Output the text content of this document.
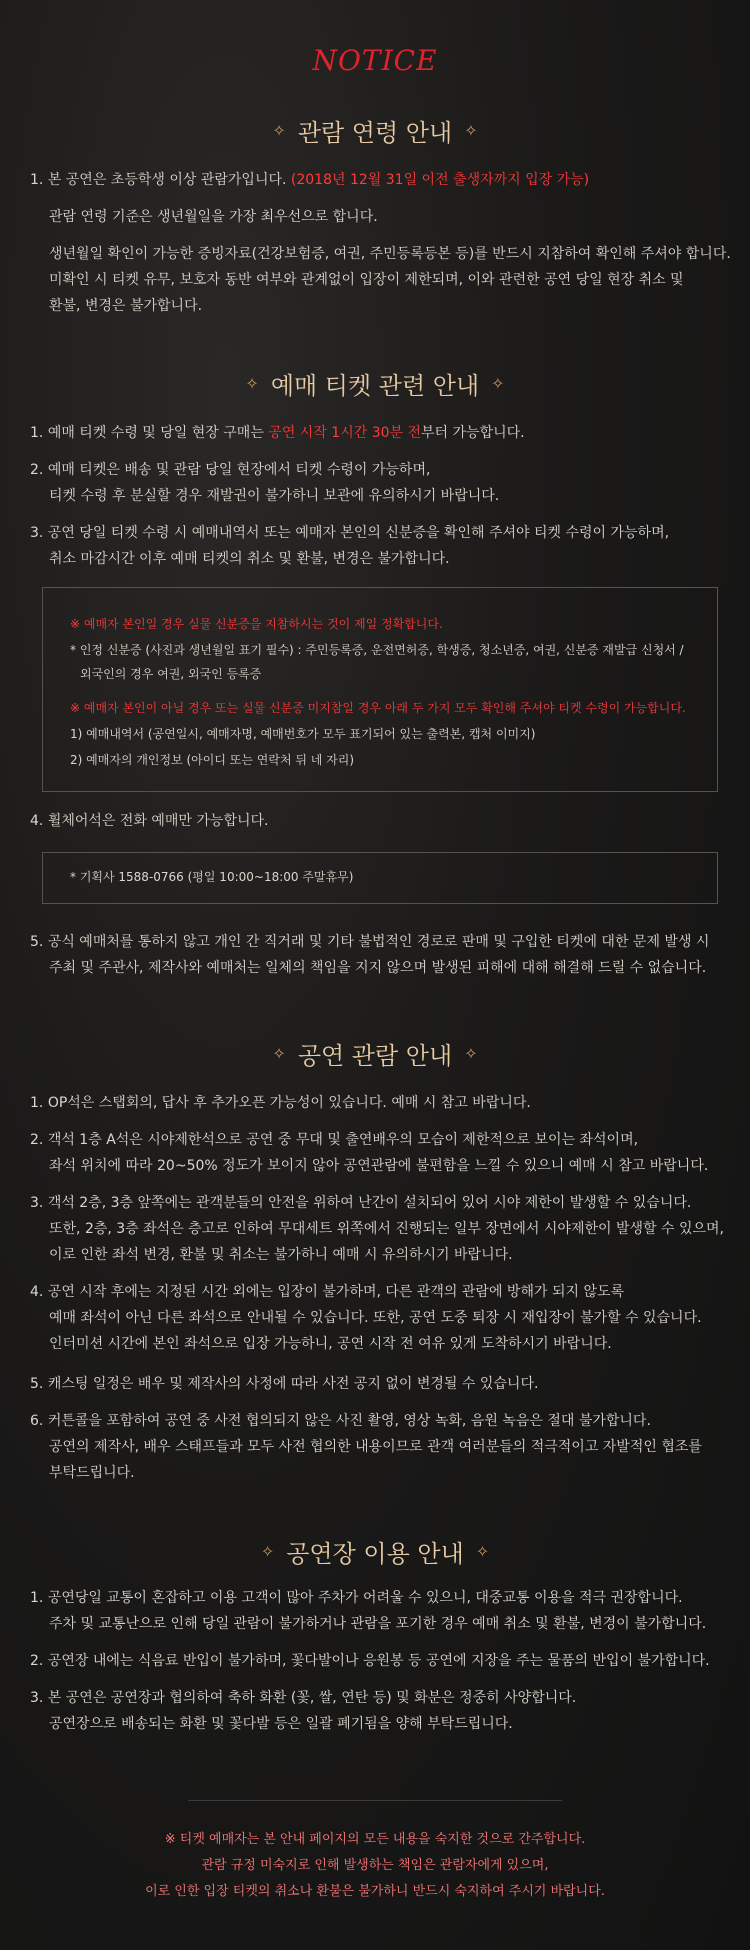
NOTICE
✧ 관람 연령 안내 ✧
1. 본 공연은 초등학생 이상 관람가입니다. (2018년 12월 31일 이전 출생자까지 입장 가능)
관람 연령 기준은 생년월일을 가장 최우선으로 합니다.
생년월일 확인이 가능한 증빙자료(건강보험증, 여권, 주민등록등본 등)를 반드시 지참하여 확인해 주셔야 합니다.
미확인 시 티켓 유무, 보호자 동반 여부와 관계없이 입장이 제한되며, 이와 관련한 공연 당일 현장 취소 및
환불, 변경은 불가합니다.
✧ 예매 티켓 관련 안내 ✧
1. 예매 티켓 수령 및 당일 현장 구매는 공연 시작 1시간 30분 전부터 가능합니다.
2. 예매 티켓은 배송 및 관람 당일 현장에서 티켓 수령이 가능하며,
티켓 수령 후 분실할 경우 재발권이 불가하니 보관에 유의하시기 바랍니다.
3. 공연 당일 티켓 수령 시 예매내역서 또는 예매자 본인의 신분증을 확인해 주셔야 티켓 수령이 가능하며,
취소 마감시간 이후 예매 티켓의 취소 및 환불, 변경은 불가합니다.
※ 예매자 본인일 경우 실물 신분증을 지참하시는 것이 제일 정확합니다.
* 인정 신분증 (사진과 생년월일 표기 필수) : 주민등록증, 운전면허증, 학생증, 청소년증, 여권, 신분증 재발급 신청서 /
외국인의 경우 여권, 외국인 등록증
※ 예매자 본인이 아닐 경우 또는 실물 신분증 미지참일 경우 아래 두 가지 모두 확인해 주셔야 티켓 수령이 가능합니다.
1) 예매내역서 (공연일시, 예매자명, 예매번호가 모두 표기되어 있는 출력본, 캡처 이미지)
2) 예매자의 개인정보 (아이디 또는 연락처 뒤 네 자리)
4. 휠체어석은 전화 예매만 가능합니다.
* 기획사 1588-0766 (평일 10:00~18:00 주말휴무)
5. 공식 예매처를 통하지 않고 개인 간 직거래 및 기타 불법적인 경로로 판매 및 구입한 티켓에 대한 문제 발생 시
주최 및 주관사, 제작사와 예매처는 일체의 책임을 지지 않으며 발생된 피해에 대해 해결해 드릴 수 없습니다.
✧ 공연 관람 안내 ✧
1. OP석은 스탭회의, 답사 후 추가오픈 가능성이 있습니다. 예매 시 참고 바랍니다.
2. 객석 1층 A석은 시야제한석으로 공연 중 무대 및 출연배우의 모습이 제한적으로 보이는 좌석이며,
좌석 위치에 따라 20~50% 정도가 보이지 않아 공연관람에 불편함을 느낄 수 있으니 예매 시 참고 바랍니다.
3. 객석 2층, 3층 앞쪽에는 관객분들의 안전을 위하여 난간이 설치되어 있어 시야 제한이 발생할 수 있습니다.
또한, 2층, 3층 좌석은 층고로 인하여 무대세트 위쪽에서 진행되는 일부 장면에서 시야제한이 발생할 수 있으며,
이로 인한 좌석 변경, 환불 및 취소는 불가하니 예매 시 유의하시기 바랍니다.
4. 공연 시작 후에는 지정된 시간 외에는 입장이 불가하며, 다른 관객의 관람에 방해가 되지 않도록
예매 좌석이 아닌 다른 좌석으로 안내될 수 있습니다. 또한, 공연 도중 퇴장 시 재입장이 불가할 수 있습니다.
인터미션 시간에 본인 좌석으로 입장 가능하니, 공연 시작 전 여유 있게 도착하시기 바랍니다.
5. 캐스팅 일정은 배우 및 제작사의 사정에 따라 사전 공지 없이 변경될 수 있습니다.
6. 커튼콜을 포함하여 공연 중 사전 협의되지 않은 사진 촬영, 영상 녹화, 음원 녹음은 절대 불가합니다.
공연의 제작사, 배우 스태프들과 모두 사전 협의한 내용이므로 관객 여러분들의 적극적이고 자발적인 협조를
부탁드립니다.
✧ 공연장 이용 안내 ✧
1. 공연당일 교통이 혼잡하고 이용 고객이 많아 주차가 어려울 수 있으니, 대중교통 이용을 적극 권장합니다.
주차 및 교통난으로 인해 당일 관람이 불가하거나 관람을 포기한 경우 예매 취소 및 환불, 변경이 불가합니다.
2. 공연장 내에는 식음료 반입이 불가하며, 꽃다발이나 응원봉 등 공연에 지장을 주는 물품의 반입이 불가합니다.
3. 본 공연은 공연장과 협의하여 축하 화환 (꽃, 쌀, 연탄 등) 및 화분은 정중히 사양합니다.
공연장으로 배송되는 화환 및 꽃다발 등은 일괄 폐기됨을 양해 부탁드립니다.
※ 티켓 예매자는 본 안내 페이지의 모든 내용을 숙지한 것으로 간주합니다.
관람 규정 미숙지로 인해 발생하는 책임은 관람자에게 있으며,
이로 인한 입장 티켓의 취소나 환불은 불가하니 반드시 숙지하여 주시기 바랍니다.
